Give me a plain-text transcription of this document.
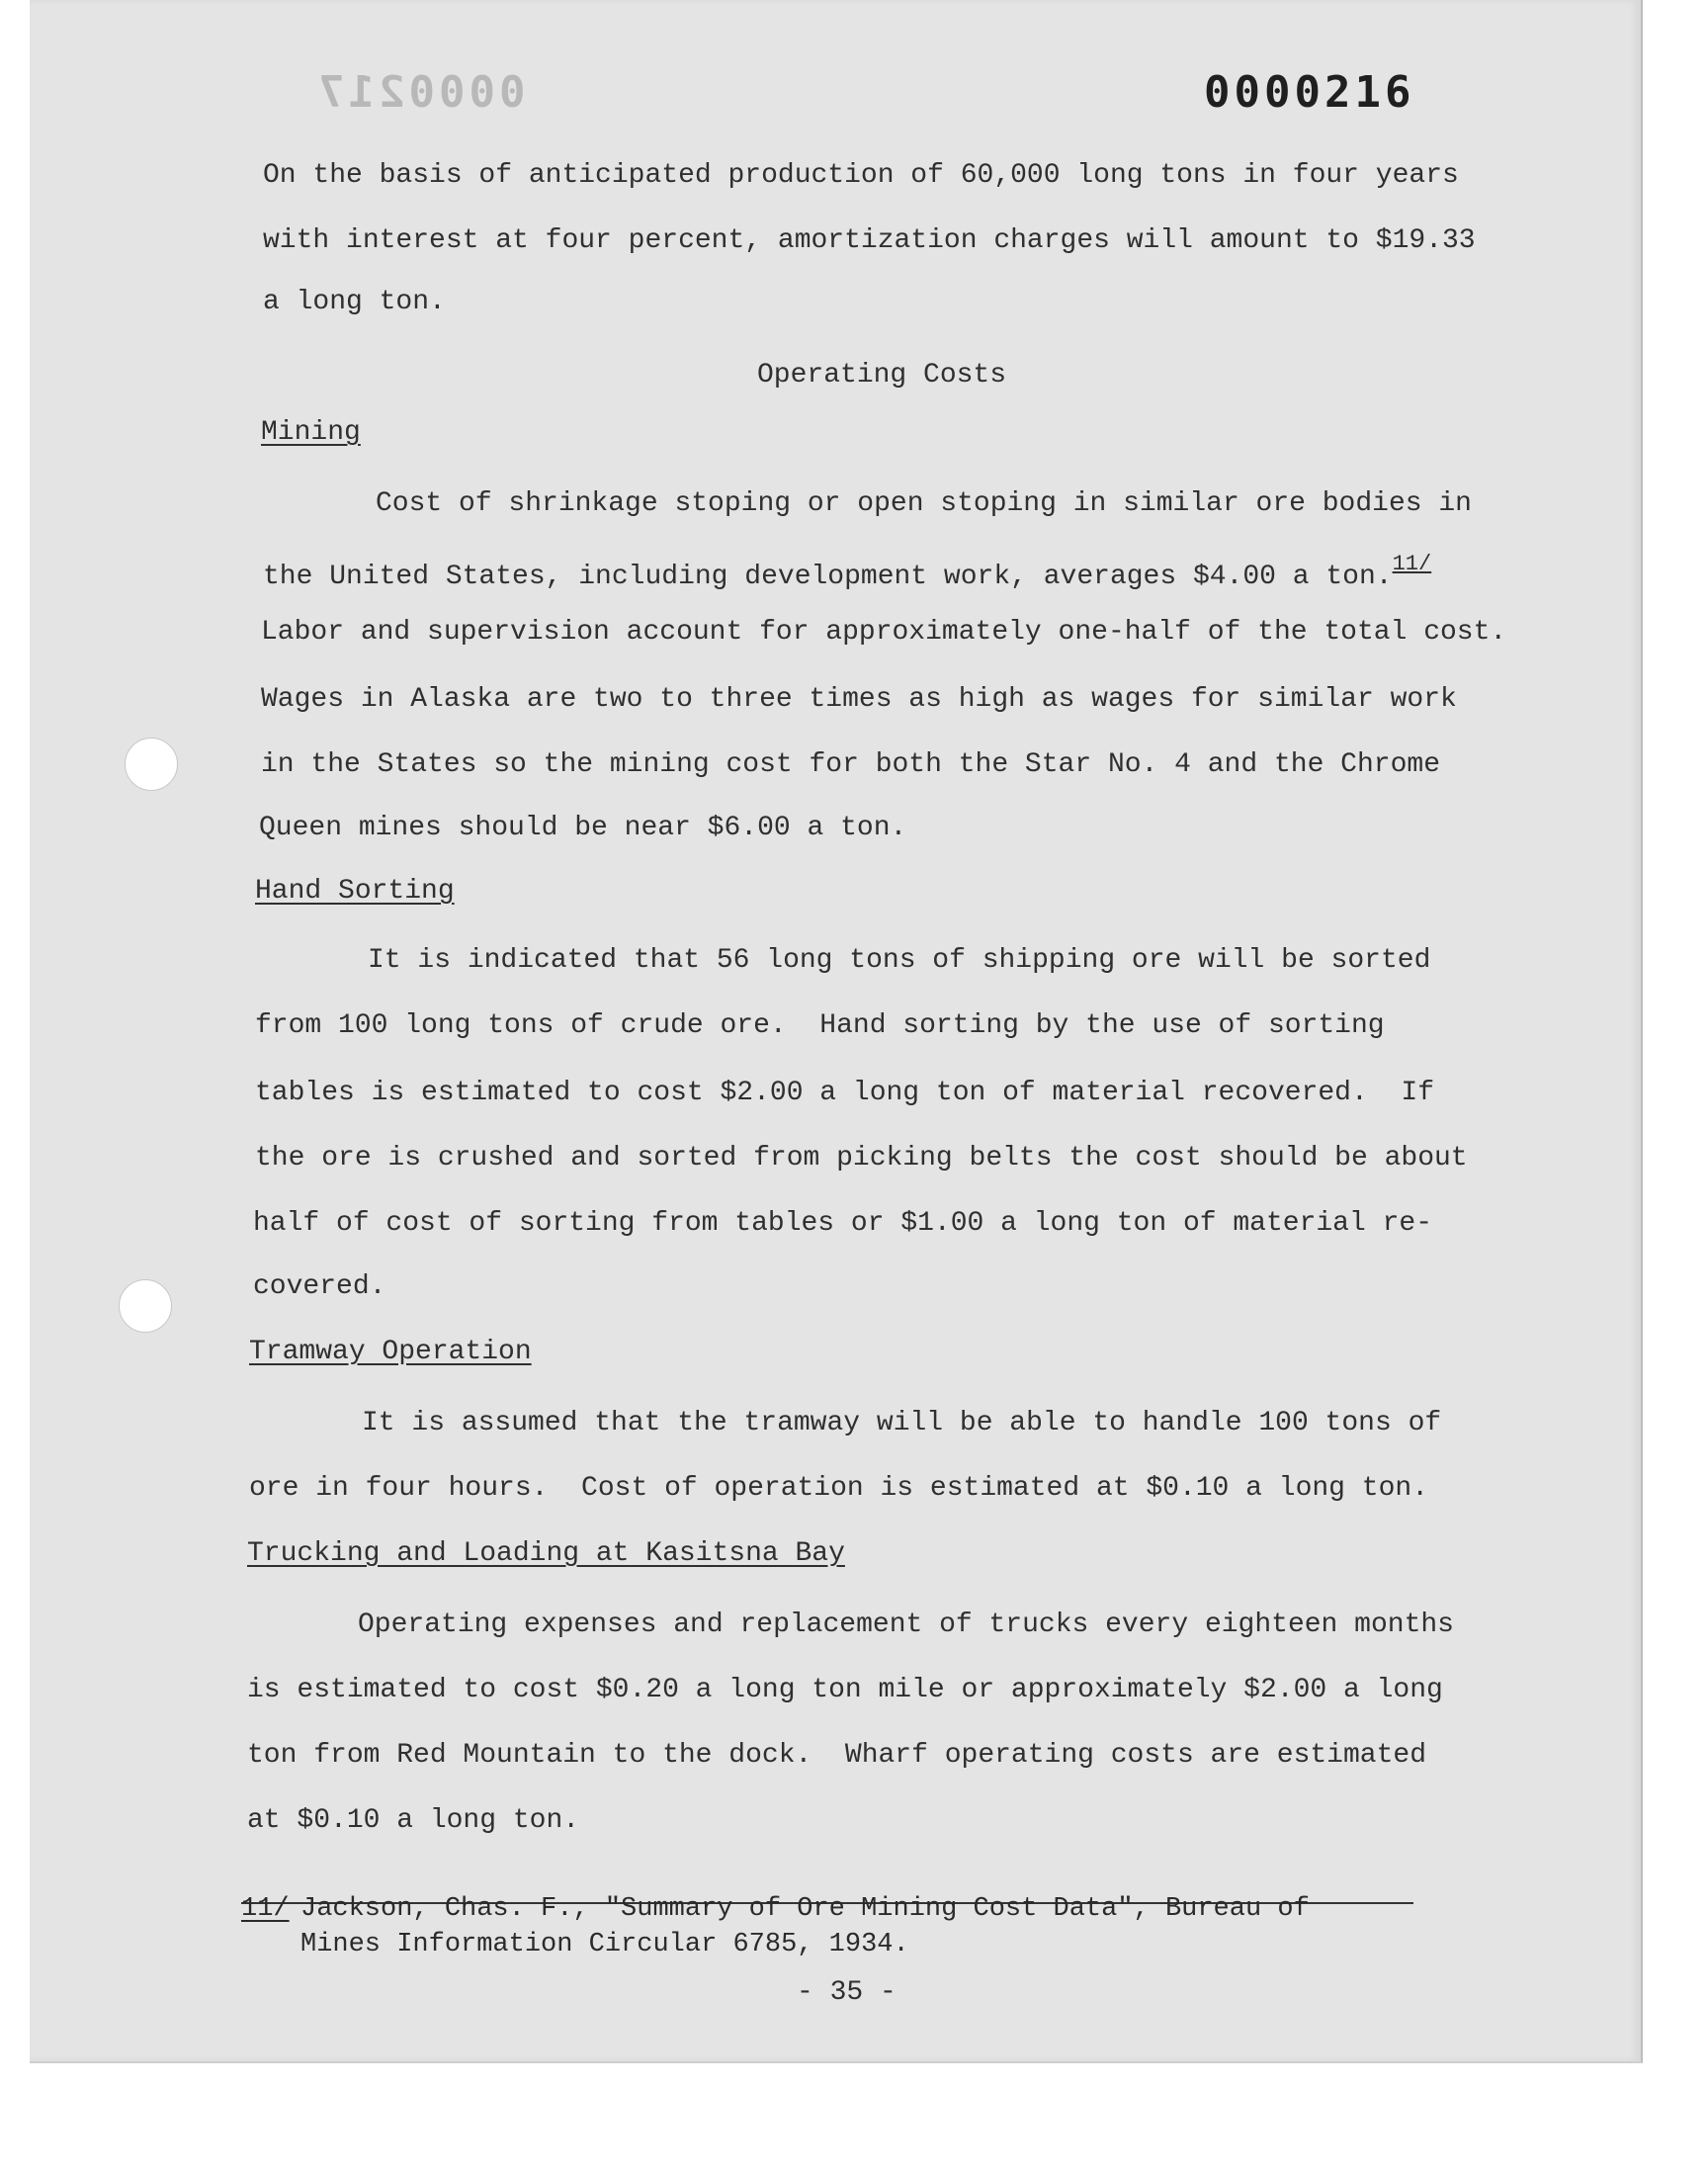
0000217	0000216
On the basis of anticipated production of 60,000 long tons in four years
with interest at four percent, amortization charges will amount to $19.33
a long ton.
Operating Costs
Mining
Cost of shrinkage stoping or open stoping in similar ore bodies in
the United States, including development work, averages $4.00 a ton.$^{11/}$
Labor and supervision account for approximately one-half of the total cost.
Wages in Alaska are two to three times as high as wages for similar work
in the States so the mining cost for both the Star No. 4 and the Chrome
Queen mines should be near $6.00 a ton.
Hand Sorting
It is indicated that 56 long tons of shipping ore will be sorted
from 100 long tons of crude ore.  Hand sorting by the use of sorting
tables is estimated to cost $2.00 a long ton of material recovered.  If
the ore is crushed and sorted from picking belts the cost should be about
half of cost of sorting from tables or $1.00 a long ton of material re-
covered.
Tramway Operation
It is assumed that the tramway will be able to handle 100 tons of
ore in four hours.  Cost of operation is estimated at $0.10 a long ton.
Trucking and Loading at Kasitsna Bay
Operating expenses and replacement of trucks every eighteen months
is estimated to cost $0.20 a long ton mile or approximately $2.00 a long
ton from Red Mountain to the dock.  Wharf operating costs are estimated
at $0.10 a long ton.
11/ Jackson, Chas. F., "Summary of Ore Mining Cost Data", Bureau of
Mines Information Circular 6785, 1934.
- 35 -
